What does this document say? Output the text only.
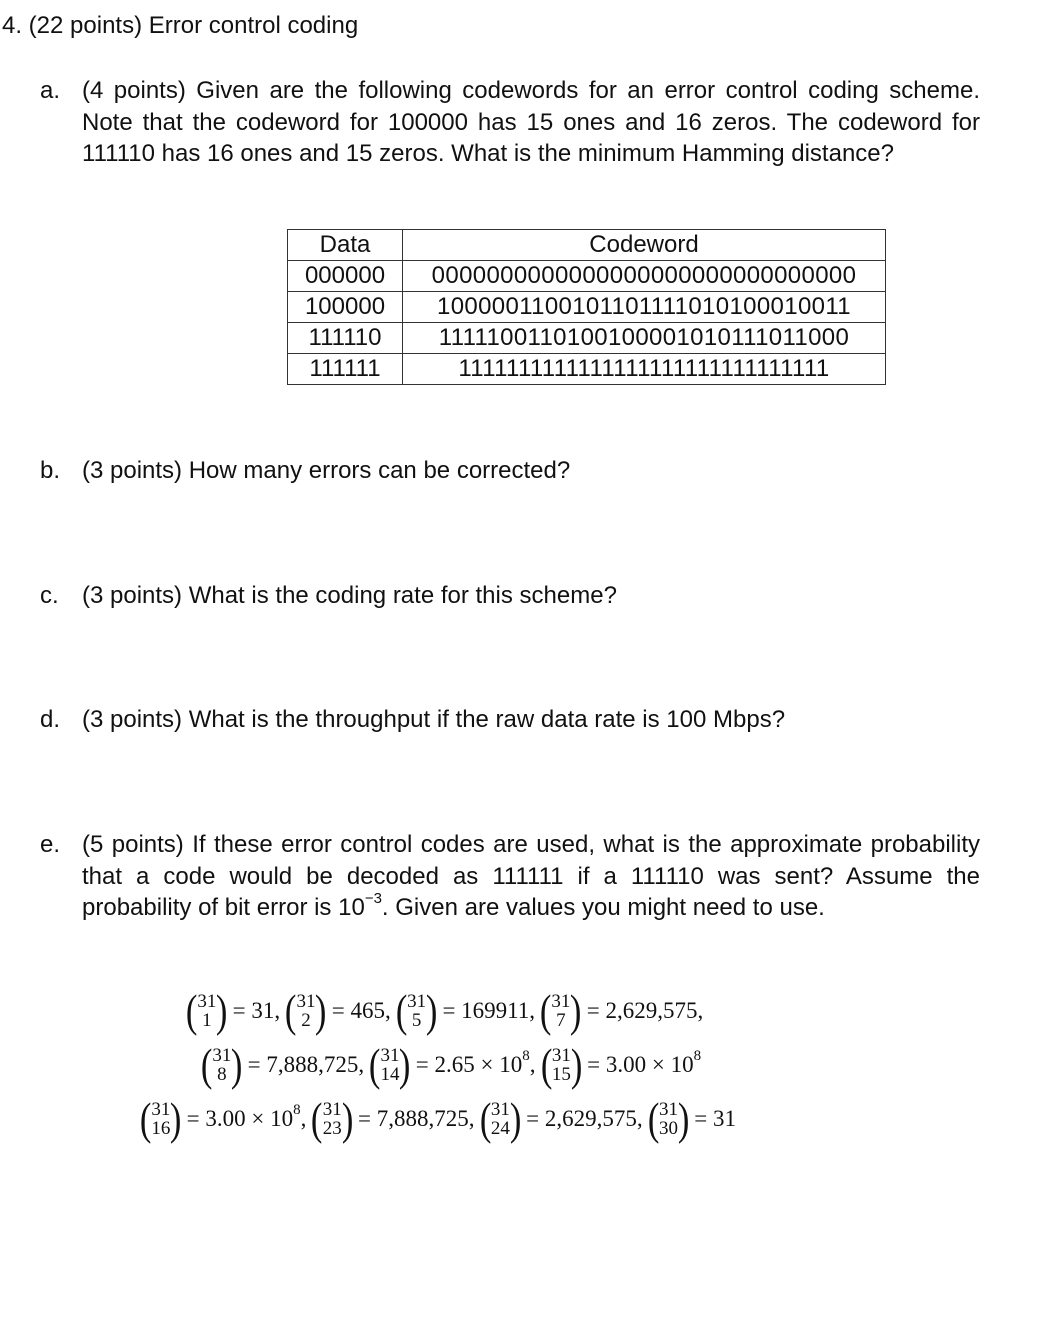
4. (22 points) Error control coding
a. (4 points) Given are the following codewords for an error control coding scheme. Note that the codeword for 100000 has 15 ones and 16 zeros. The codeword for 111110 has 16 ones and 15 zeros. What is the minimum Hamming distance?
Data	Codeword
000000	0000000000000000000000000000000
100000	1000001100101101111010100010011
111110	1111100110100100001010111011000
111111	1111111111111111111111111111111
b. (3 points) How many errors can be corrected?
c. (3 points) What is the coding rate for this scheme?
d. (3 points) What is the throughput if the raw data rate is 100 Mbps?
e. (5 points) If these error control codes are used, what is the approximate probability that a code would be decoded as 111111 if a 111110 was sent? Assume the probability of bit error is $10^{-3}$. Given are values you might need to use.
( 31
1 ) = 31, ( 31
2 ) = 465, ( 31
5 ) = 169911, ( 31
7 ) = 2,629,575,
( 31
8 ) = 7,888,725, ( 31
14 ) = $2.65 \times 10^8$, ( 31
15 ) = $3.00 \times 10^8$
( 31
16 ) = $3.00 \times 10^8$, ( 31
23 ) = 7,888,725, ( 31
24 ) = 2,629,575, ( 31
30 ) = 31
